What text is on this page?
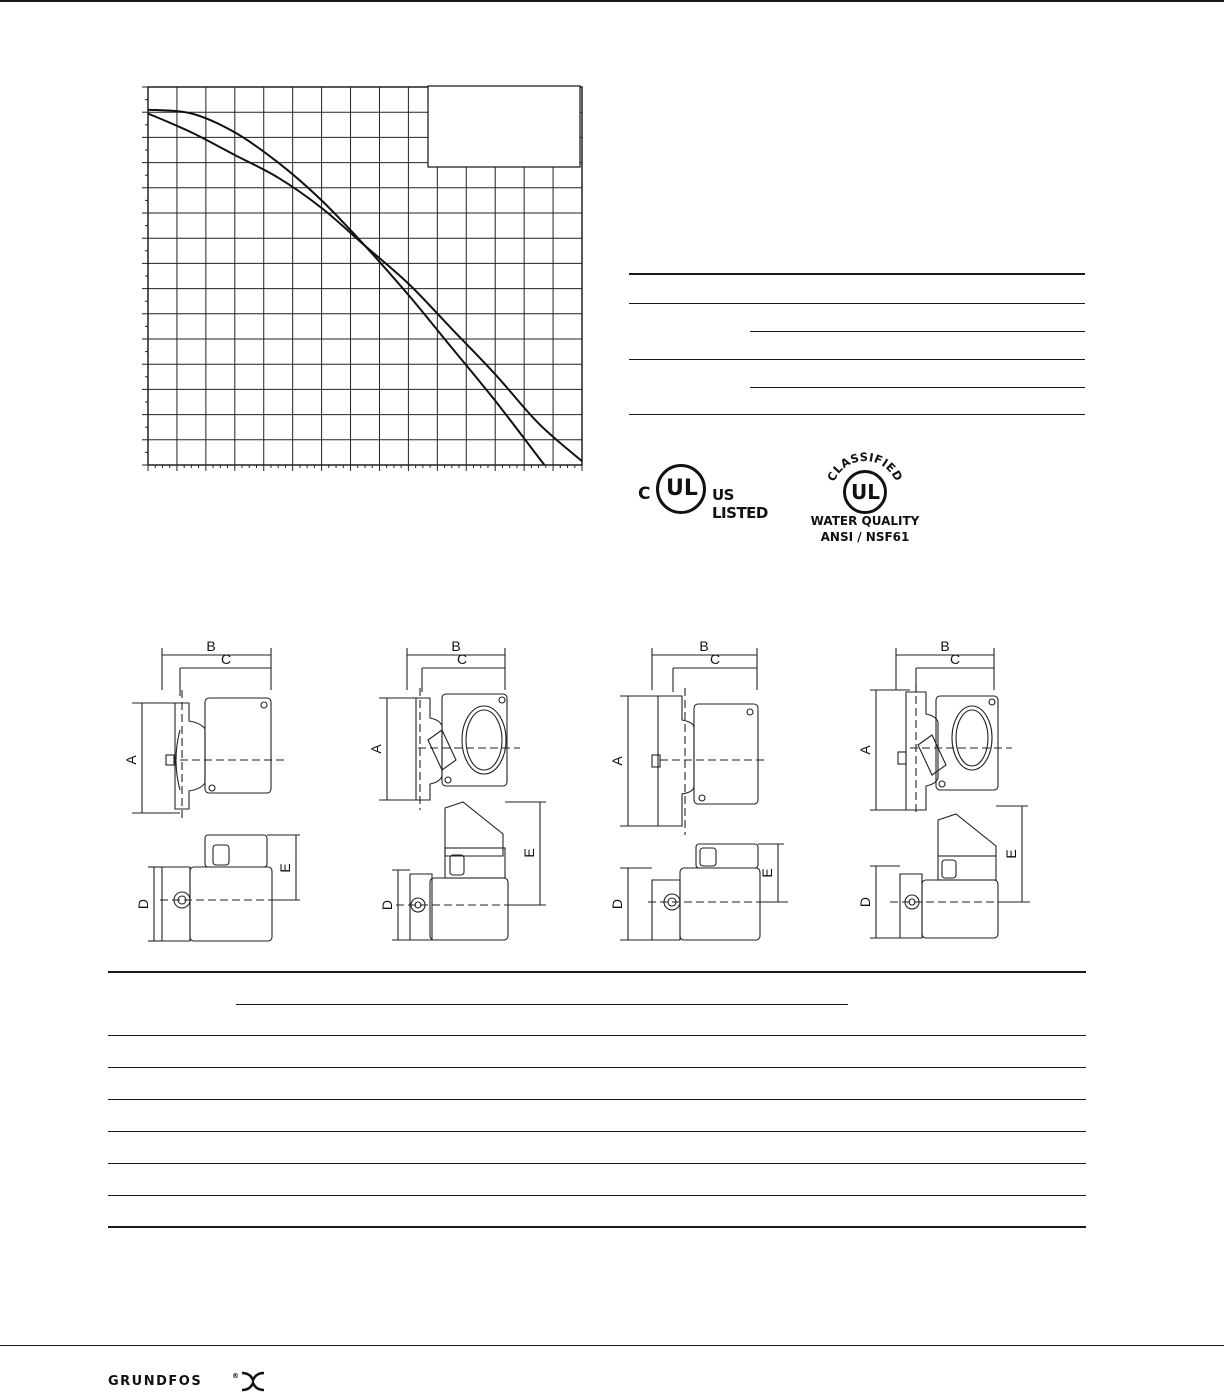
C UL US LISTED
CLASSIFIED
UL
WATER QUALITY
ANSI / NSF61
B
C
A
D
E
B
C
A
D
E
B
C
A
D
E
B
C
A
D
E
GRUNDFOS	®
